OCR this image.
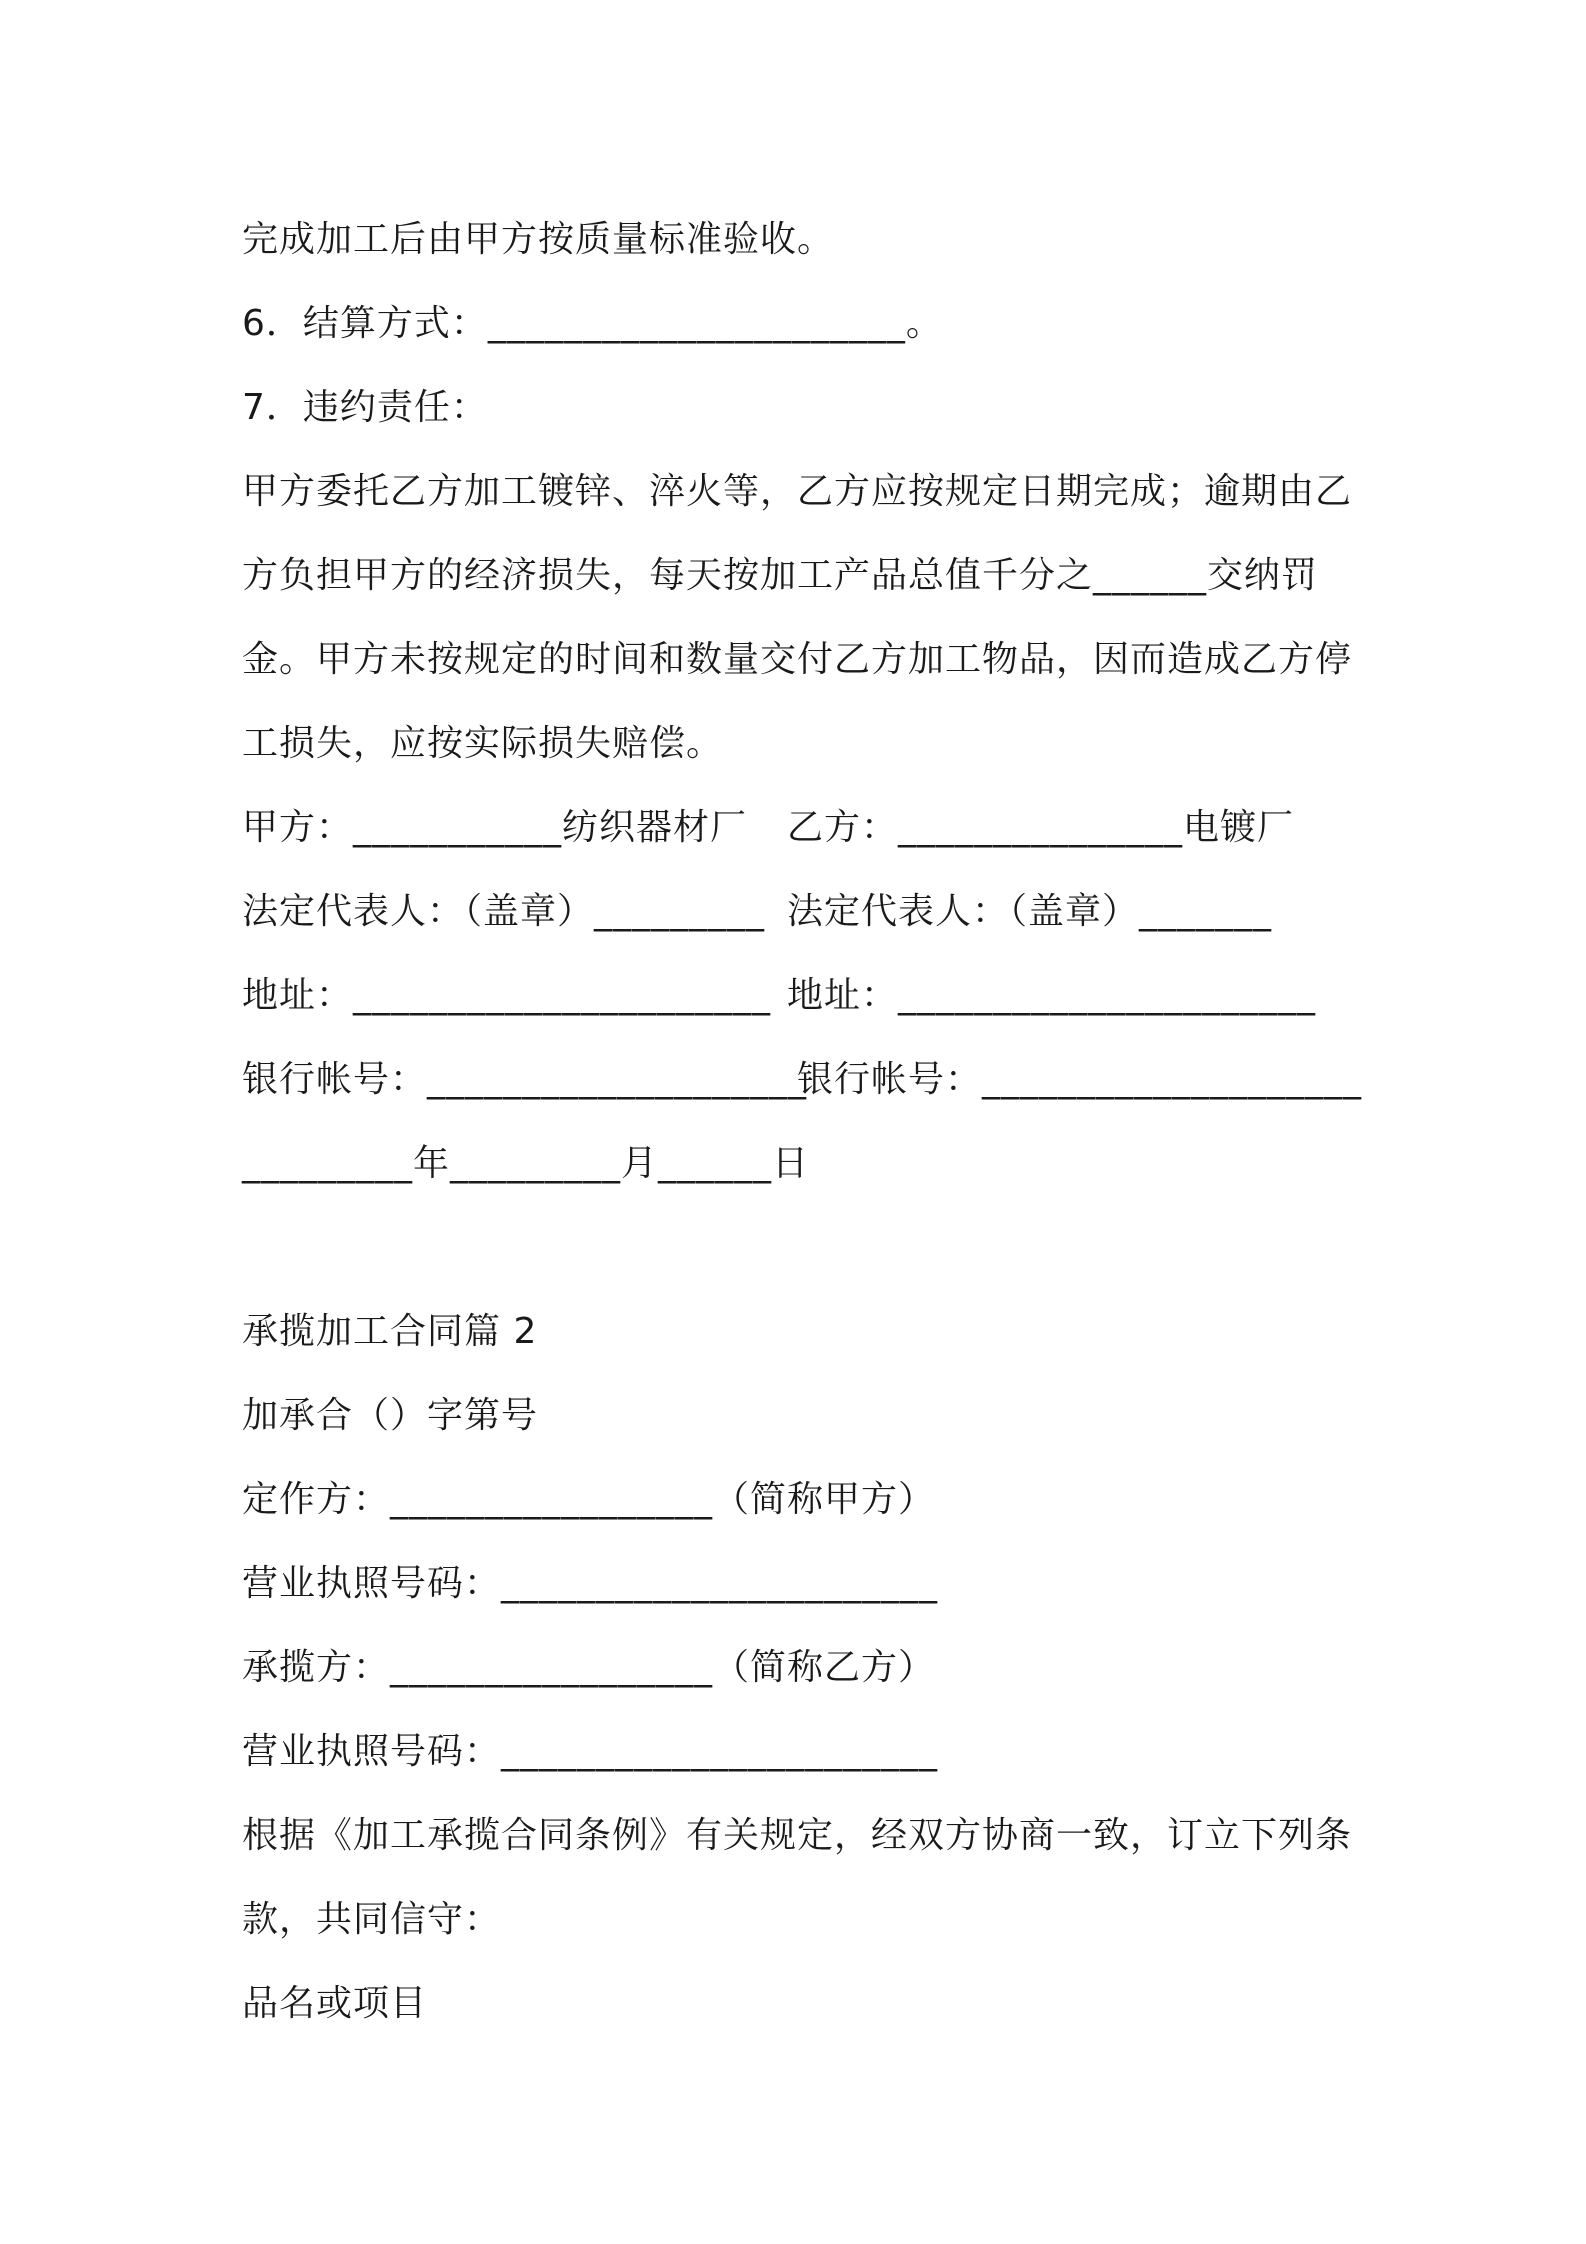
完成加工后由甲方按质量标准验收。
6．结算方式：______________________。
7．违约责任：
甲方委托乙方加工镀锌、淬火等，乙方应按规定日期完成；逾期由乙
方负担甲方的经济损失，每天按加工产品总值千分之______交纳罚
金。甲方未按规定的时间和数量交付乙方加工物品，因而造成乙方停
工损失，应按实际损失赔偿。
甲方：___________纺织器材厂	乙方：_______________电镀厂
法定代表人：（盖章）_________ 法定代表人：（盖章）_______
地址：______________________ 地址：______________________
银行帐号：____________________
银行帐号：____________________
_________年_________月______日
承揽加工合同篇 2
加承合（）字第号
定作方：_________________（简称甲方）
营业执照号码：_______________________
承揽方：_________________（简称乙方）
营业执照号码：_______________________
根据《加工承揽合同条例》有关规定，经双方协商一致，订立下列条
款，共同信守：
品名或项目
